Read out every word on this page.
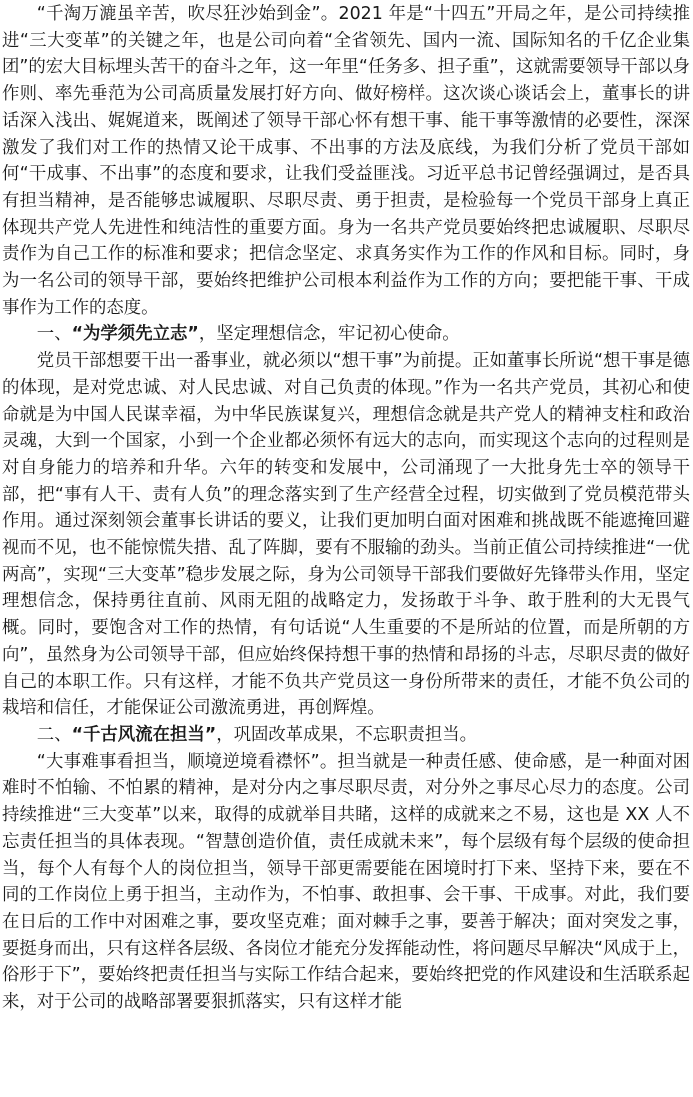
“千淘万漉虽辛苦，吹尽狂沙始到金”。2021 年是“十四五”开局之年，是公司持续推进“三大变革”的关键之年，也是公司向着“全省领先、国内一流、国际知名的千亿企业集团”的宏大目标埋头苦干的奋斗之年，这一年里“任务多、担子重”，这就需要领导干部以身作则、率先垂范为公司高质量发展打好方向、做好榜样。这次谈心谈话会上，董事长的讲话深入浅出、娓娓道来，既阐述了领导干部心怀有想干事、能干事等激情的必要性，深深激发了我们对工作的热情又论干成事、不出事的方法及底线，为我们分析了党员干部如何“干成事、不出事”的态度和要求，让我们受益匪浅。习近平总书记曾经强调过，是否具有担当精神，是否能够忠诚履职、尽职尽责、勇于担责，是检验每一个党员干部身上真正体现共产党人先进性和纯洁性的重要方面。身为一名共产党员要始终把忠诚履职、尽职尽责作为自己工作的标准和要求；把信念坚定、求真务实作为工作的作风和目标。同时，身为一名公司的领导干部，要始终把维护公司根本利益作为工作的方向；要把能干事、干成事作为工作的态度。

一、“为学须先立志”，坚定理想信念，牢记初心使命。

党员干部想要干出一番事业，就必须以“想干事”为前提。正如董事长所说“想干事是德的体现，是对党忠诚、对人民忠诚、对自己负责的体现。”作为一名共产党员，其初心和使命就是为中国人民谋幸福，为中华民族谋复兴，理想信念就是共产党人的精神支柱和政治灵魂，大到一个国家，小到一个企业都必须怀有远大的志向，而实现这个志向的过程则是对自身能力的培养和升华。六年的转变和发展中，公司涌现了一大批身先士卒的领导干部，把“事有人干、责有人负”的理念落实到了生产经营全过程，切实做到了党员模范带头作用。通过深刻领会董事长讲话的要义，让我们更加明白面对困难和挑战既不能遮掩回避视而不见，也不能惊慌失措、乱了阵脚，要有不服输的劲头。当前正值公司持续推进“一优两高”，实现“三大变革”稳步发展之际，身为公司领导干部我们要做好先锋带头作用，坚定理想信念，保持勇往直前、风雨无阻的战略定力，发扬敢于斗争、敢于胜利的大无畏气概。同时，要饱含对工作的热情，有句话说“人生重要的不是所站的位置，而是所朝的方向”，虽然身为公司领导干部，但应始终保持想干事的热情和昂扬的斗志，尽职尽责的做好自己的本职工作。只有这样，才能不负共产党员这一身份所带来的责任，才能不负公司的栽培和信任，才能保证公司激流勇进，再创辉煌。

二、“千古风流在担当”，巩固改革成果，不忘职责担当。

“大事难事看担当，顺境逆境看襟怀”。担当就是一种责任感、使命感，是一种面对困难时不怕输、不怕累的精神，是对分内之事尽职尽责，对分外之事尽心尽力的态度。公司持续推进“三大变革”以来，取得的成就举目共睹，这样的成就来之不易，这也是 XX 人不忘责任担当的具体表现。“智慧创造价值，责任成就未来”，每个层级有每个层级的使命担当，每个人有每个人的岗位担当，领导干部更需要能在困境时打下来、坚持下来，要在不同的工作岗位上勇于担当，主动作为，不怕事、敢担事、会干事、干成事。对此，我们要在日后的工作中对困难之事，要攻坚克难；面对棘手之事，要善于解决；面对突发之事，要挺身而出，只有这样各层级、各岗位才能充分发挥能动性，将问题尽早解决“风成于上，俗形于下”，要始终把责任担当与实际工作结合起来，要始终把党的作风建设和生活联系起来，对于公司的战略部署要狠抓落实，只有这样才能
